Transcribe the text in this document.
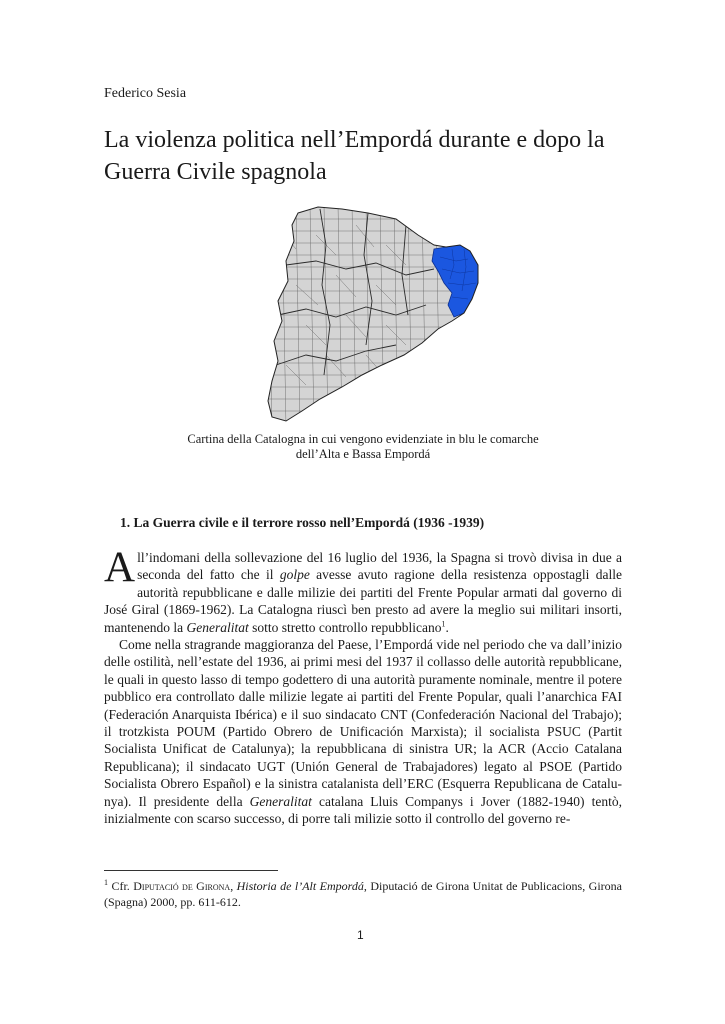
Federico Sesia
La violenza politica nell’Empordá durante e dopo la Guerra Civile spagnola
Cartina della Catalogna in cui vengono evidenziate in blu le comarche
dell’Alta e Bassa Empordá
1. La Guerra civile e il terrore rosso nell’Empordá (1936 -1939)

All’indomani della sollevazione del 16 luglio del 1936, la Spagna si trovò divisa in due a seconda del fatto che il golpe avesse avuto ragione della resistenza oppostagli dalle autorità repubblicane e dalle milizie dei partiti del Frente Popular armati dal governo di José Giral (1869-1962). La Catalogna riuscì ben presto ad avere la meglio sui militari insorti, mantenendo la Generalitat sotto stretto controllo repubblicano$^1$.

Come nella stragrande maggioranza del Paese, l’Empordá vide nel periodo che va dall’inizio delle ostilità, nell’estate del 1936, ai primi mesi del 1937 il collasso delle autorità repubblicane, le quali in questo lasso di tempo godettero di una autorità puramente nominale, mentre il potere pubblico era controllato dalle milizie legate ai partiti del Frente Popular, quali l’anarchica FAI (Federación Anarquista Ibérica) e il suo sindacato CNT (Confederación Nacional del Trabajo); il trotzkista POUM (Partido Obrero de Unificación Marxista); il socialista PSUC (Partit Socialista Unificat de Catalunya); la repubblicana di sinistra UR; la ACR (Accio Catalana Republicana); il sindacato UGT (Unión General de Trabajadores) legato al PSOE (Partido Socialista Obrero Español) e la sinistra catalanista dell’ERC (Esquerra Republicana de Catalunya). Il presidente della Generalitat catalana Lluis Companys i Jover (1882-1940) tentò, inizialmente con scarso successo, di porre tali milizie sotto il controllo del governo re-

$^1$ Cfr. Diputació de Girona, Historia de l’Alt Empordá, Diputació de Girona Unitat de Publicacions, Girona (Spagna) 2000, pp. 611-612.
1
